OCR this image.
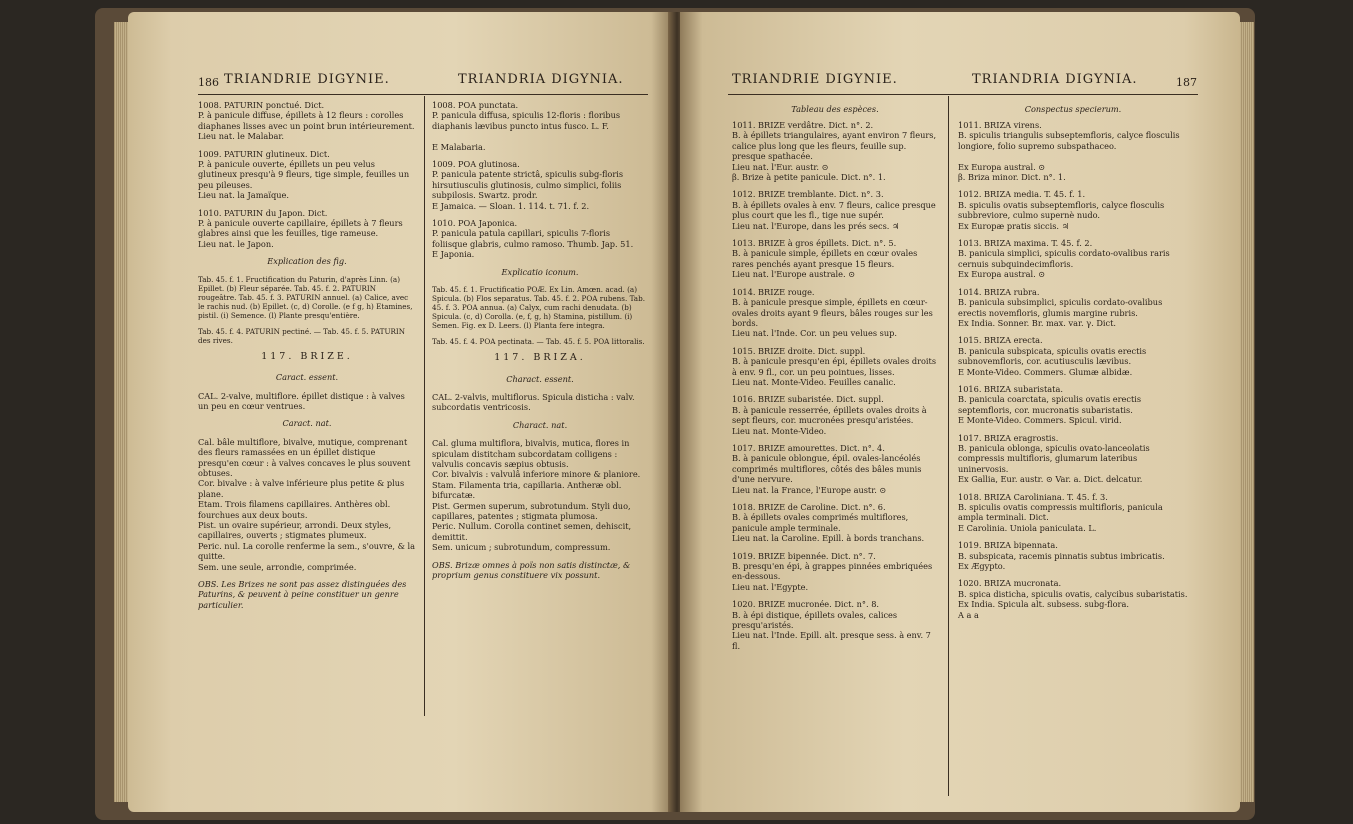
186 TRIANDRIE DIGYNIE.	TRIANDRIA DIGYNIA.

1008. PATURIN ponctué. Dict.
P. à panicule diffuse, épillets à 12 fleurs : corolles diaphanes lisses avec un point brun intérieurement.
Lieu nat. le Malabar.

1009. PATURIN glutineux. Dict.
P. à panicule ouverte, épillets un peu velus glutineux presqu'à 9 fleurs, tige simple, feuilles un peu pileuses.
Lieu nat. la Jamaïque.

1010. PATURIN du Japon. Dict.
P. à panicule ouverte capillaire, épillets à 7 fleurs glabres ainsi que les feuilles, tige rameuse.
Lieu nat. le Japon.

Explication des fig.

Tab. 45. f. 1. Fructification du Paturin, d'après Linn. (a) Epillet. (b) Fleur séparée. Tab. 45. f. 2. PATURIN rougeâtre. Tab. 45. f. 3. PATURIN annuel. (a) Calice, avec le rachis nud. (b) Epillet. (c, d) Corolle. (e f g, h) Etamines, pistil. (i) Semence. (l) Plante presqu'entière.

Tab. 45. f. 4. PATURIN pectiné. — Tab. 45. f. 5. PATURIN des rives.

117. BRIZE.

Caract. essent.

CAL. 2-valve, multiflore. épillet distique : à valves un peu en cœur ventrues.

Caract. nat.

Cal. bâle multiflore, bivalve, mutique, comprenant des fleurs ramassées en un épillet distique presqu'en cœur : à valves concaves le plus souvent obtuses.
Cor. bivalve : à valve inférieure plus petite & plus plane.
Etam. Trois filamens capillaires. Anthères obl. fourchues aux deux bouts.
Pist. un ovaire supérieur, arrondi. Deux styles, capillaires, ouverts ; stigmates plumeux.
Peric. nul. La corolle renferme la sem., s'ouvre, & la quitte.
Sem. une seule, arrondie, comprimée.

OBS. Les Brizes ne sont pas assez distinguées des Paturins, & peuvent à peine constituer un genre particulier.

1008. POA punctata.
P. panicula diffusa, spiculis 12-floris : floribus diaphanis lævibus puncto intus fusco. L. F.

E Malabaria.

1009. POA glutinosa.
P. panicula patente strictâ, spiculis subg-floris hirsutiusculis glutinosis, culmo simplici, foliis subpilosis. Swartz. prodr.
E Jamaica. — Sloan. 1. 114. t. 71. f. 2.

1010. POA Japonica.
P. panicula patula capillari, spiculis 7-floris foliisque glabris, culmo ramoso. Thumb. Jap. 51.
E Japonia.

Explicatio iconum.

Tab. 45. f. 1. Fructificatio POÆ. Ex Lin. Amœn. acad. (a) Spicula. (b) Flos separatus. Tab. 45. f. 2. POA rubens. Tab. 45. f. 3. POA annua. (a) Calyx, cum rachi denudata. (b) Spicula. (c, d) Corolla. (e, f, g, h) Stamina, pistillum. (i) Semen. Fig. ex D. Leers. (l) Planta fere integra.

Tab. 45. f. 4. POA pectinata. — Tab. 45. f. 5. POA littoralis.

117. BRIZA.

Charact. essent.

CAL. 2-valvis, multiflorus. Spicula disticha : valv. subcordatis ventricosis.

Charact. nat.

Cal. gluma multiflora, bivalvis, mutica, flores in spiculam distitcham subcordatam colligens : valvulis concavis sæpius obtusis.
Cor. bivalvis : valvulâ inferiore minore & planiore.
Stam. Filamenta tria, capillaria. Antheræ obl. bifurcatæ.
Pist. Germen superum, subrotundum. Styli duo, capillares, patentes ; stigmata plumosa.
Peric. Nullum. Corolla continet semen, dehiscit, demittit.
Sem. unicum ; subrotundum, compressum.

OBS. Brizæ omnes à poïs non satis distinctæ, & proprium genus constituere vix possunt.

TRIANDRIE DIGYNIE.	TRIANDRIA DIGYNIA.	187
Tableau des espèces.	Conspectus specierum.

1011. BRIZE verdâtre. Dict. n°. 2.
B. à épillets triangulaires, ayant environ 7 fleurs, calice plus long que les fleurs, feuille sup. presque spathacée.
Lieu nat. l'Eur. austr. ⊙
β. Brize à petite panicule. Dict. n°. 1.

1012. BRIZE tremblante. Dict. n°. 3.
B. à épillets ovales à env. 7 fleurs, calice presque plus court que les fl., tige nue supér.
Lieu nat. l'Europe, dans les prés secs. ♃

1013. BRIZE à gros épillets. Dict. n°. 5.
B. à panicule simple, épillets en cœur ovales rares penchés ayant presque 15 fleurs.
Lieu nat. l'Europe australe. ⊙

1014. BRIZE rouge.
B. à panicule presque simple, épillets en cœur-ovales droits ayant 9 fleurs, bâles rouges sur les bords.
Lieu nat. l'Inde. Cor. un peu velues sup.

1015. BRIZE droite. Dict. suppl.
B. à panicule presqu'en épi, épillets ovales droits à env. 9 fl., cor. un peu pointues, lisses.
Lieu nat. Monte-Video. Feuilles canalic.

1016. BRIZE subaristée. Dict. suppl.
B. à panicule resserrée, épillets ovales droits à sept fleurs, cor. mucronées presqu'aristées.
Lieu nat. Monte-Video.

1017. BRIZE amourettes. Dict. n°. 4.
B. à panicule oblongue, épil. ovales-lancéolés comprimés multiflores, côtés des bâles munis d'une nervure.
Lieu nat. la France, l'Europe austr. ⊙

1018. BRIZE de Caroline. Dict. n°. 6.
B. à épillets ovales comprimés multiflores, panicule ample terminale.
Lieu nat. la Caroline. Epill. à bords tranchans.

1019. BRIZE bipennée. Dict. n°. 7.
B. presqu'en épi, à grappes pinnées embriquées en-dessous.
Lieu nat. l'Egypte.

1020. BRIZE mucronée. Dict. n°. 8.
B. à épi distique, épillets ovales, calices presqu'aristés.
Lieu nat. l'Inde. Epill. alt. presque sess. à env. 7 fl.

1011. BRIZA virens.
B. spiculis triangulis subseptemfloris, calyce flosculis longiore, folio supremo subspathaceo.

Ex Europa austral. ⊙
β. Briza minor. Dict. n°. 1.

1012. BRIZA media. T. 45. f. 1.
B. spiculis ovatis subseptemfloris, calyce flosculis subbreviore, culmo supernè nudo.
Ex Europæ pratis siccis. ♃

1013. BRIZA maxima. T. 45. f. 2.
B. panicula simplici, spiculis cordato-ovalibus raris cernuis subquindecimfloris.
Ex Europa austral. ⊙

1014. BRIZA rubra.
B. panicula subsimplici, spiculis cordato-ovalibus erectis novemfloris, glumis margine rubris.
Ex India. Sonner. Br. max. var. γ. Dict.

1015. BRIZA erecta.
B. panicula subspicata, spiculis ovatis erectis subnovemfloris, cor. acutiusculis lævibus.
E Monte-Video. Commers. Glumæ albidæ.

1016. BRIZA subaristata.
B. panicula coarctata, spiculis ovatis erectis septemfloris, cor. mucronatis subaristatis.
E Monte-Video. Commers. Spicul. virid.

1017. BRIZA eragrostis.
B. panicula oblonga, spiculis ovato-lanceolatis compressis multifloris, glumarum lateribus uninervosis.
Ex Gallia, Eur. austr. ⊙ Var. a. Dict. delcatur.

1018. BRIZA Caroliniana. T. 45. f. 3.
B. spiculis ovatis compressis multifloris, panicula ampla terminali. Dict.
E Carolinia. Uniola paniculata. L.

1019. BRIZA bipennata.
B. subspicata, racemis pinnatis subtus imbricatis.
Ex Ægypto.

1020. BRIZA mucronata.
B. spica disticha, spiculis ovatis, calycibus subaristatis.
Ex India. Spicula alt. subsess. subg-flora.
A a a
